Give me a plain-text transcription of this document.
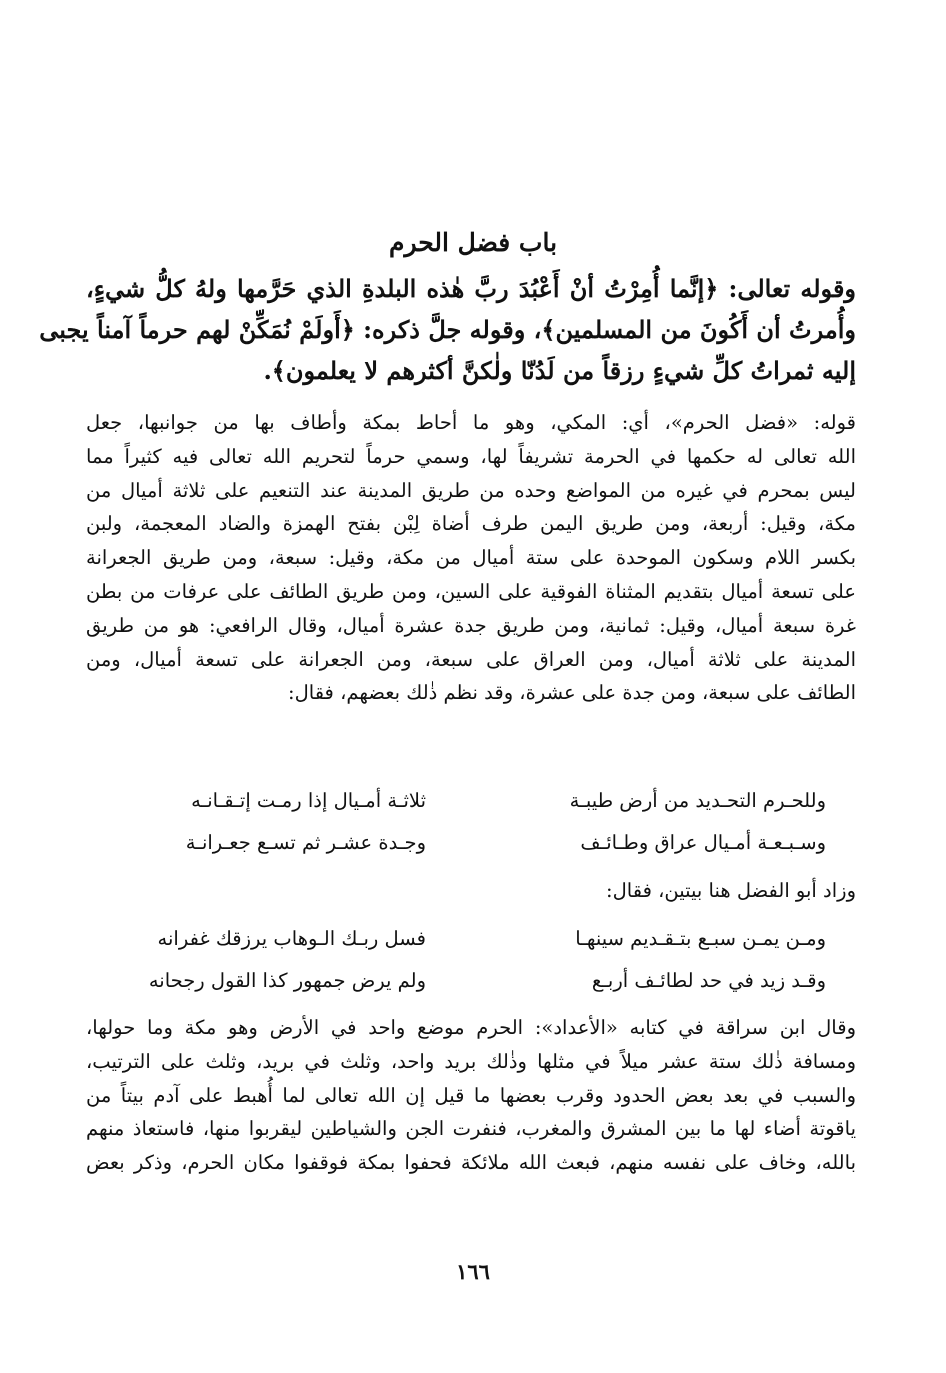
باب فضل الحرم
وقوله تعالى: ﴿إنَّما أُمِرْتُ أنْ أَعْبُدَ ربَّ هٰذه البلدةِ الذي حَرَّمها ولهُ كلُّ شيءٍ،
وأُمرتُ أن أَكُونَ من المسلمين﴾، وقوله جلَّ ذكره: ﴿أَولَمْ نُمَكِّنْ لهم حرماً آمناً يجبى
إليه ثمراتُ كلِّ شيءٍ رزقاً من لَدُنّا ولٰكنَّ أكثرهم لا يعلمون﴾.
قوله: «فضل الحرم»، أي: المكي، وهو ما أحاط بمكة وأطاف بها من جوانبها، جعل
الله تعالى له حكمها في الحرمة تشريفاً لها، وسمي حرماً لتحريم الله تعالى فيه كثيراً مما
ليس بمحرم في غيره من المواضع وحده من طريق المدينة عند التنعيم على ثلاثة أميال من
مكة، وقيل: أربعة، ومن طريق اليمن طرف أضاة لِبْن بفتح الهمزة والضاد المعجمة، ولبن
بكسر اللام وسكون الموحدة على ستة أميال من مكة، وقيل: سبعة، ومن طريق الجعرانة
على تسعة أميال بتقديم المثناة الفوقية على السين، ومن طريق الطائف على عرفات من بطن
غرة سبعة أميال، وقيل: ثمانية، ومن طريق جدة عشرة أميال، وقال الرافعي: هو من طريق
المدينة على ثلاثة أميال، ومن العراق على سبعة، ومن الجعرانة على تسعة أميال، ومن
الطائف على سبعة، ومن جدة على عشرة، وقد نظم ذٰلك بعضهم، فقال:
وللحـرم التحـديد من أرض طيبـة
ثلاثـة أمـيال إذا رمـت إتـقـانـه
وسـبـعـة أمـيال عراق وطـائـف
وجـدة عشـر ثم تسـع جعـرانـة
وزاد أبو الفضل هنا بيتين، فقال:
ومـن يمـن سبـع بتـقـديم سينهـا
فسل ربـك الـوهاب يرزقك غفرانه
وقـد زيد في حد لطائـف أربـع
ولم يرض جمهور كذا القول رجحانه
وقال ابن سراقة في كتابه «الأعداد»: الحرم موضع واحد في الأرض وهو مكة وما حولها،
ومسافة ذٰلك ستة عشر ميلاً في مثلها وذٰلك بريد واحد، وثلث في بريد، وثلث على الترتيب،
والسبب في بعد بعض الحدود وقرب بعضها ما قيل إن الله تعالى لما أُهبط على آدم بيتاً من
ياقوتة أضاء لها ما بين المشرق والمغرب، فنفرت الجن والشياطين ليقربوا منها، فاستعاذ منهم
بالله، وخاف على نفسه منهم، فبعث الله ملائكة فحفوا بمكة فوقفوا مكان الحرم، وذكر بعض
١٦٦
